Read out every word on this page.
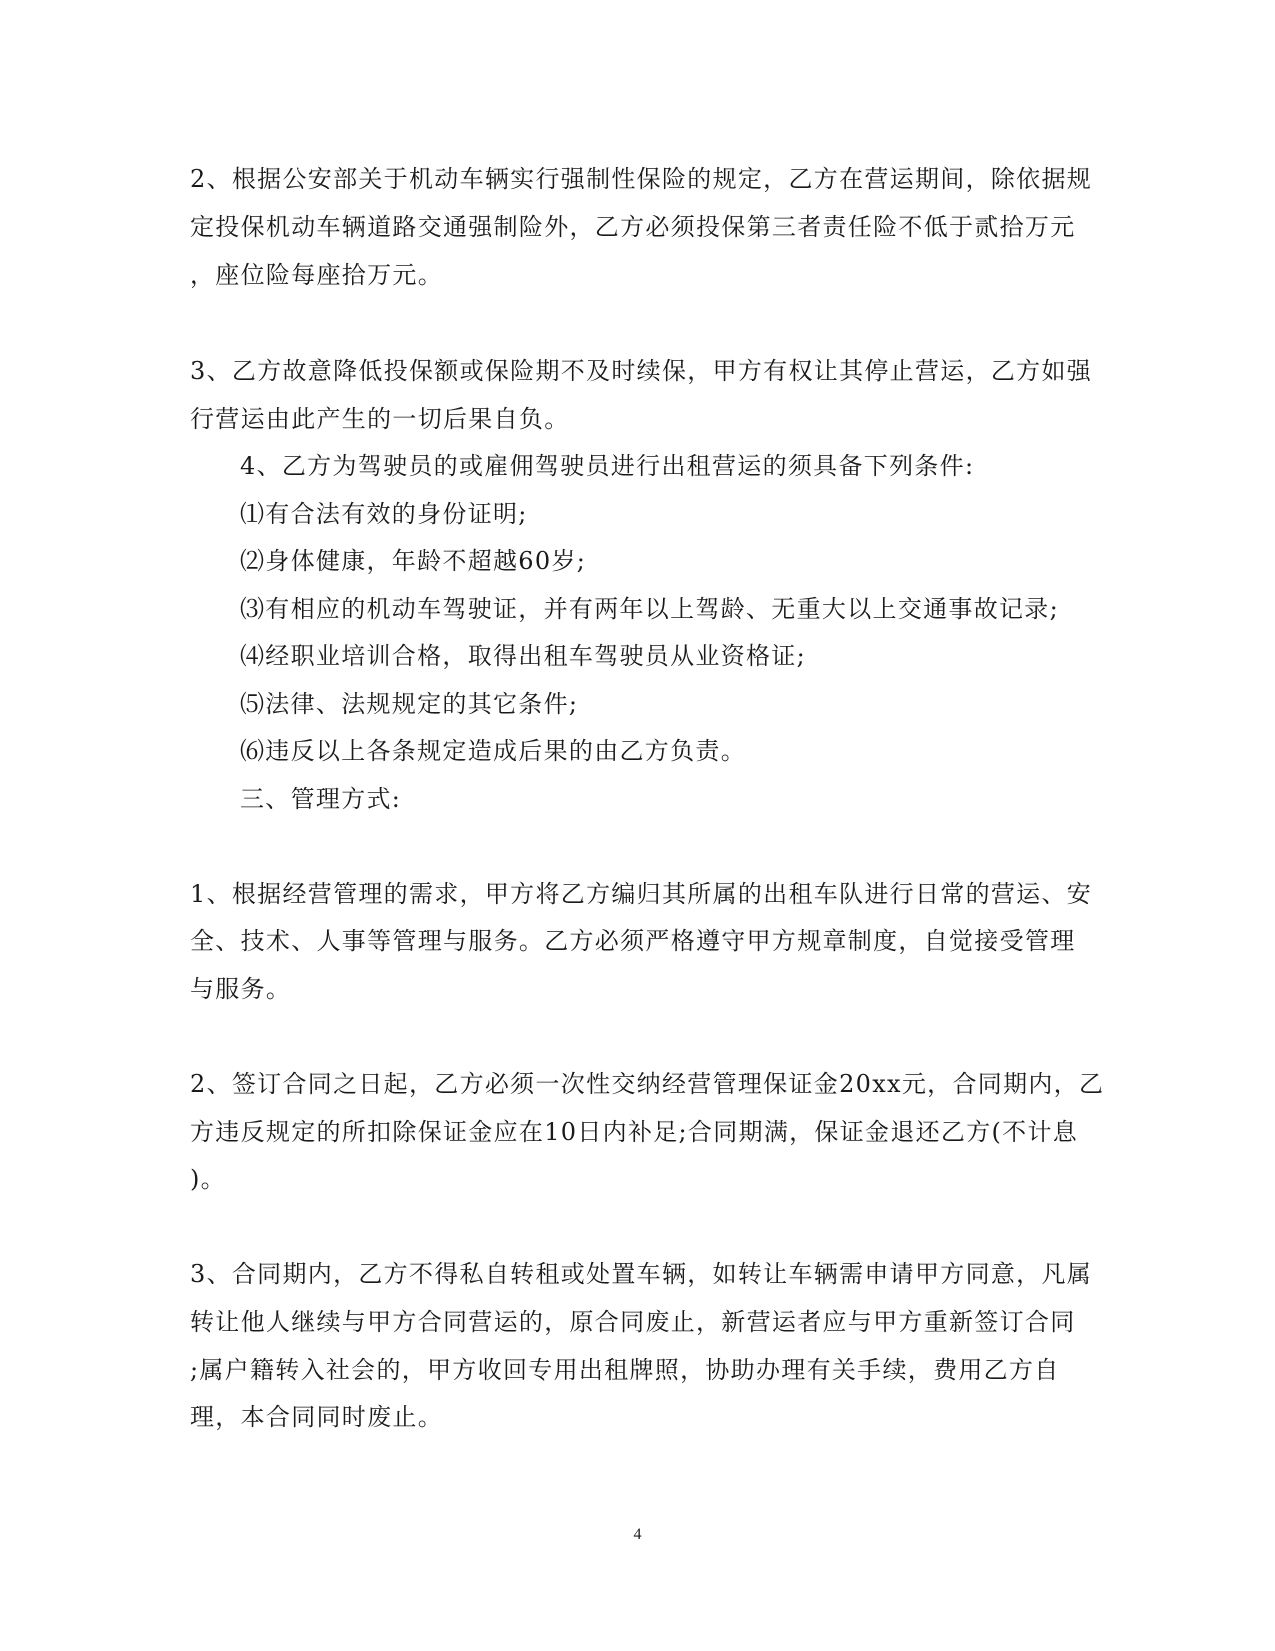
2、根据公安部关于机动车辆实行强制性保险的规定，乙方在营运期间，除依据规
定投保机动车辆道路交通强制险外，乙方必须投保第三者责任险不低于贰拾万元
，座位险每座拾万元。
3、乙方故意降低投保额或保险期不及时续保，甲方有权让其停止营运，乙方如强
行营运由此产生的一切后果自负。
4、乙方为驾驶员的或雇佣驾驶员进行出租营运的须具备下列条件:
⑴有合法有效的身份证明;
⑵身体健康，年龄不超越60岁;
⑶有相应的机动车驾驶证，并有两年以上驾龄、无重大以上交通事故记录;
⑷经职业培训合格，取得出租车驾驶员从业资格证;
⑸法律、法规规定的其它条件;
⑹违反以上各条规定造成后果的由乙方负责。
三、管理方式:
1、根据经营管理的需求，甲方将乙方编归其所属的出租车队进行日常的营运、安
全、技术、人事等管理与服务。乙方必须严格遵守甲方规章制度，自觉接受管理
与服务。
2、签订合同之日起，乙方必须一次性交纳经营管理保证金20xx元，合同期内，乙
方违反规定的所扣除保证金应在10日内补足;合同期满，保证金退还乙方(不计息
)。
3、合同期内，乙方不得私自转租或处置车辆，如转让车辆需申请甲方同意，凡属
转让他人继续与甲方合同营运的，原合同废止，新营运者应与甲方重新签订合同
;属户籍转入社会的，甲方收回专用出租牌照，协助办理有关手续，费用乙方自
理，本合同同时废止。
4
